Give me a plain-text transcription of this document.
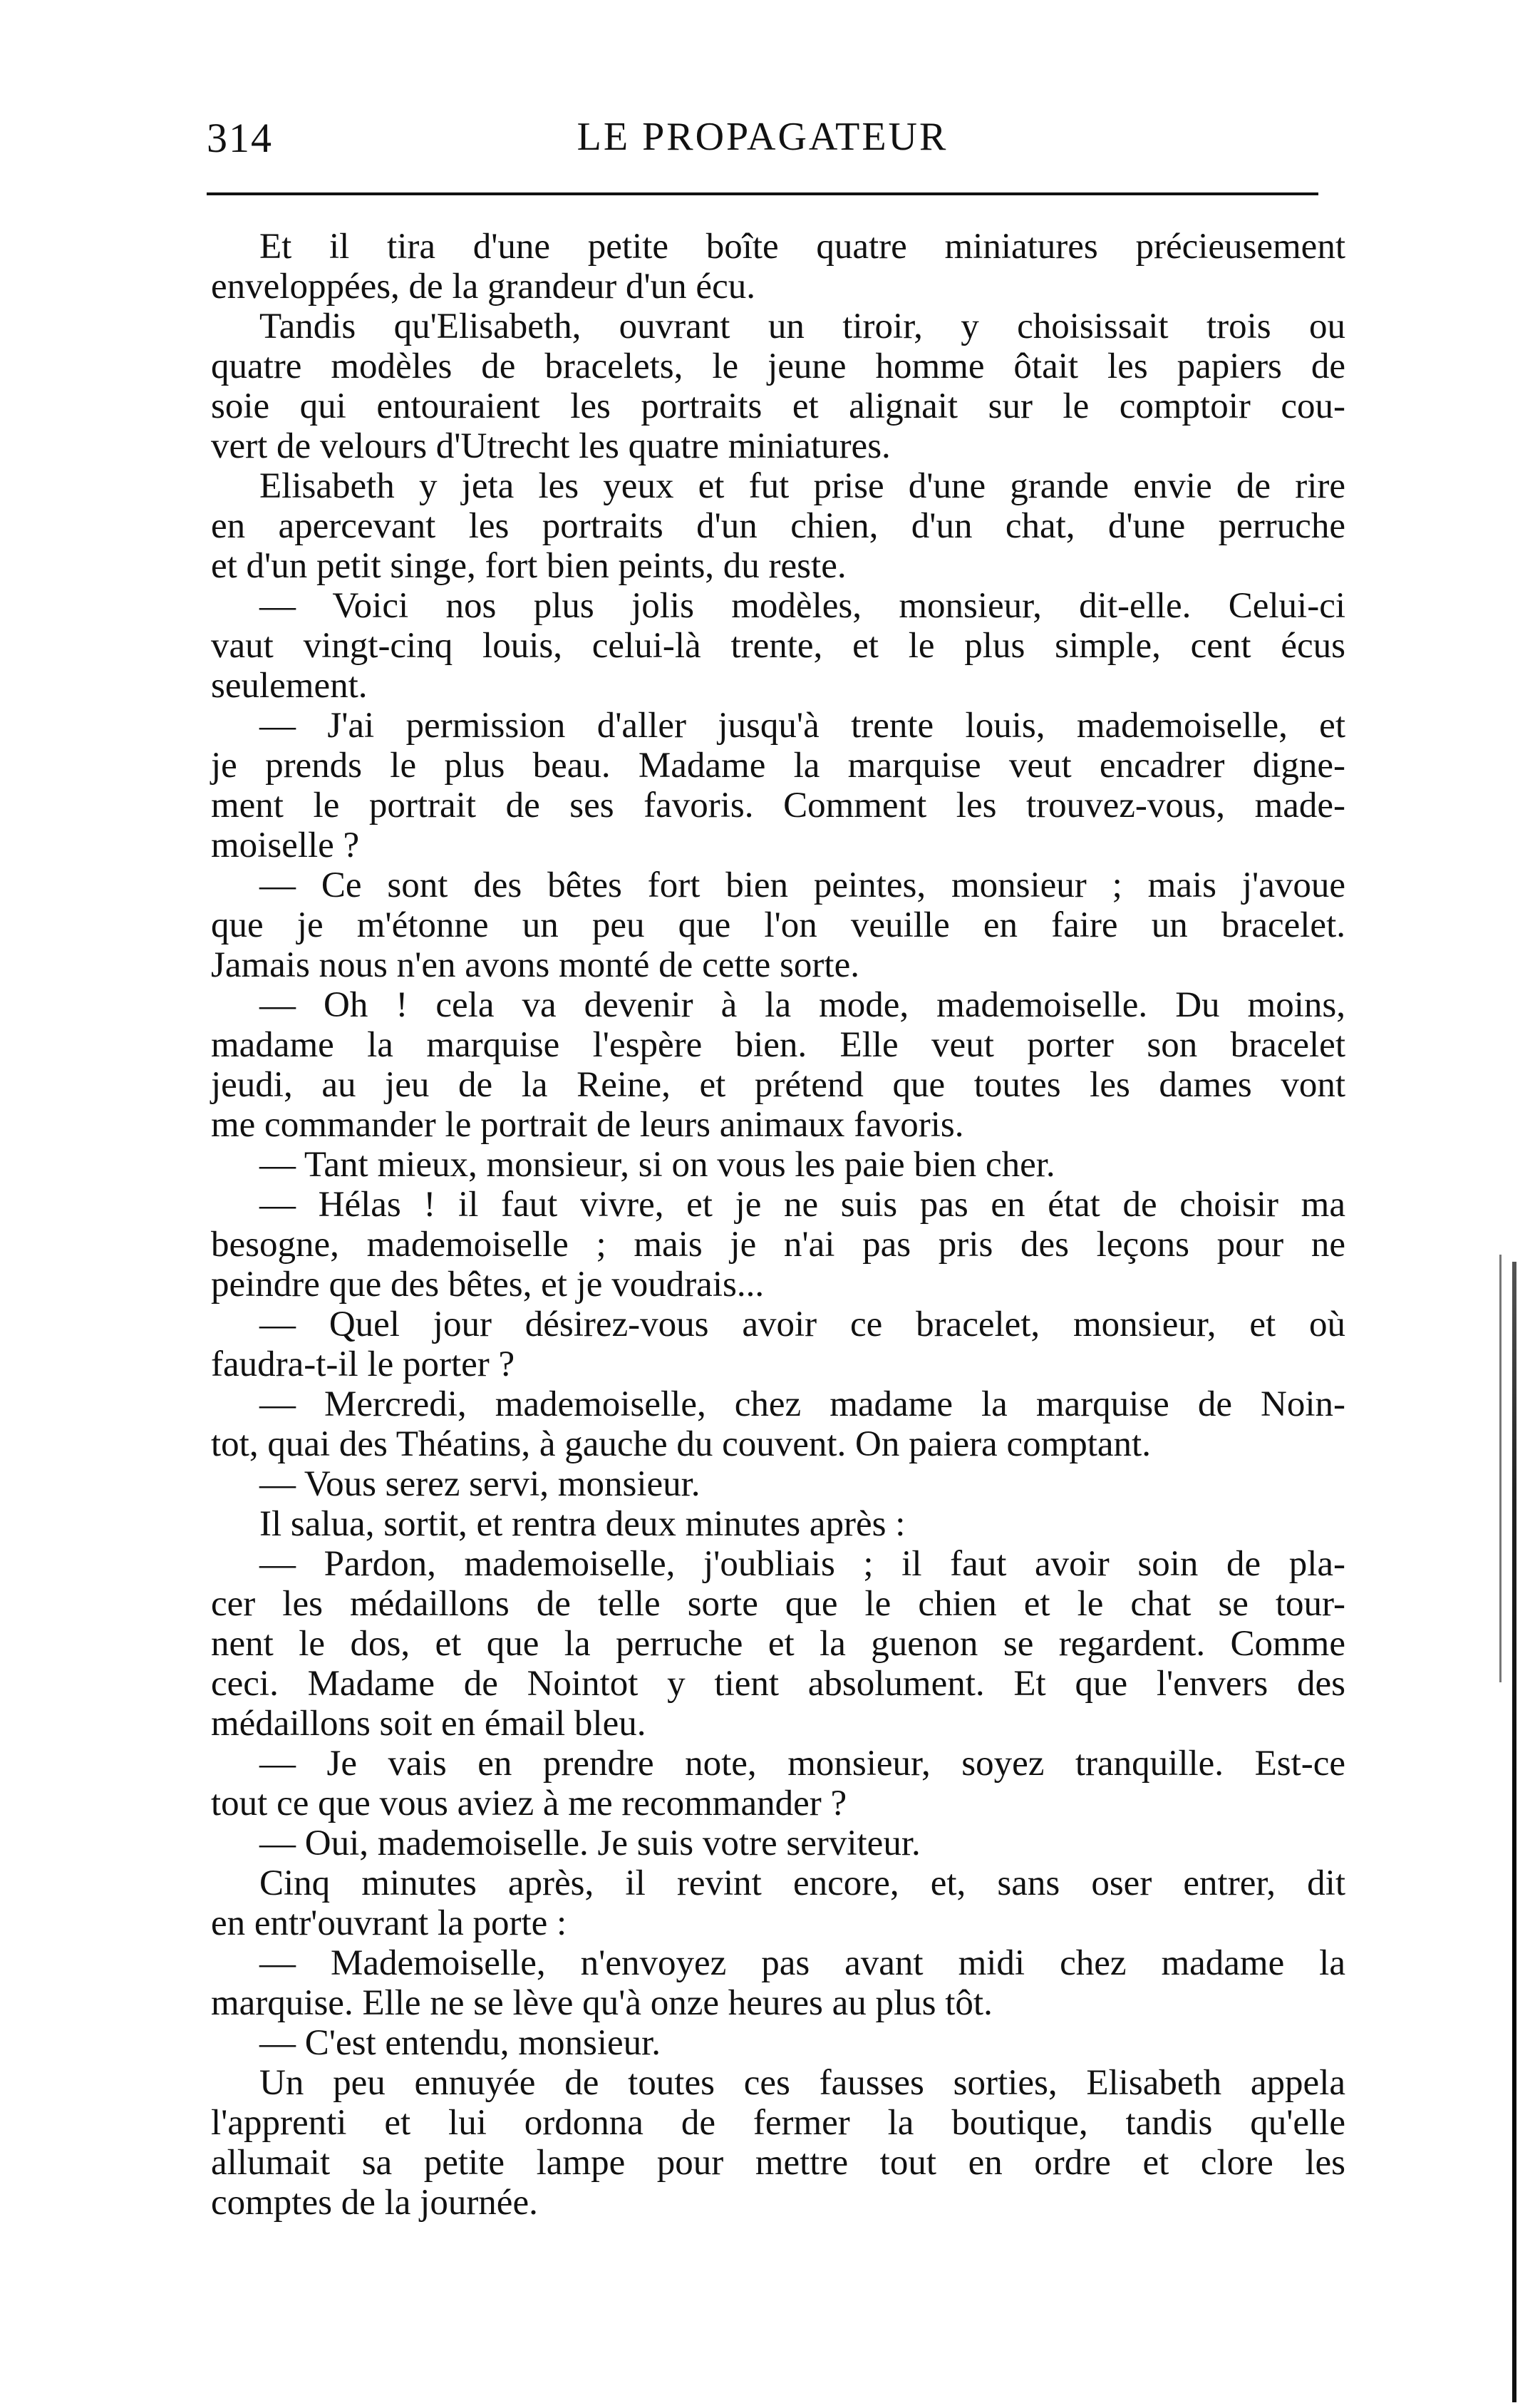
314	LE PROPAGATEUR
Et il tira d'une petite boîte quatre miniatures précieusement
enveloppées, de la grandeur d'un écu.
Tandis qu'Elisabeth, ouvrant un tiroir, y choisissait trois ou
quatre modèles de bracelets, le jeune homme ôtait les papiers de
soie qui entouraient les portraits et alignait sur le comptoir cou-
vert de velours d'Utrecht les quatre miniatures.
Elisabeth y jeta les yeux et fut prise d'une grande envie de rire
en apercevant les portraits d'un chien, d'un chat, d'une perruche
et d'un petit singe, fort bien peints, du reste.
— Voici nos plus jolis modèles, monsieur, dit-elle. Celui-ci
vaut vingt-cinq louis, celui-là trente, et le plus simple, cent écus
seulement.
— J'ai permission d'aller jusqu'à trente louis, mademoiselle, et
je prends le plus beau. Madame la marquise veut encadrer digne-
ment le portrait de ses favoris. Comment les trouvez-vous, made-
moiselle ?
— Ce sont des bêtes fort bien peintes, monsieur ; mais j'avoue
que je m'étonne un peu que l'on veuille en faire un bracelet.
Jamais nous n'en avons monté de cette sorte.
— Oh ! cela va devenir à la mode, mademoiselle. Du moins,
madame la marquise l'espère bien. Elle veut porter son bracelet
jeudi, au jeu de la Reine, et prétend que toutes les dames vont
me commander le portrait de leurs animaux favoris.
— Tant mieux, monsieur, si on vous les paie bien cher.
— Hélas ! il faut vivre, et je ne suis pas en état de choisir ma
besogne, mademoiselle ; mais je n'ai pas pris des leçons pour ne
peindre que des bêtes, et je voudrais...
— Quel jour désirez-vous avoir ce bracelet, monsieur, et où
faudra-t-il le porter ?
— Mercredi, mademoiselle, chez madame la marquise de Noin-
tot, quai des Théatins, à gauche du couvent. On paiera comptant.
— Vous serez servi, monsieur.
Il salua, sortit, et rentra deux minutes après :
— Pardon, mademoiselle, j'oubliais ; il faut avoir soin de pla-
cer les médaillons de telle sorte que le chien et le chat se tour-
nent le dos, et que la perruche et la guenon se regardent. Comme
ceci. Madame de Nointot y tient absolument. Et que l'envers des
médaillons soit en émail bleu.
— Je vais en prendre note, monsieur, soyez tranquille. Est-ce
tout ce que vous aviez à me recommander ?
— Oui, mademoiselle. Je suis votre serviteur.
Cinq minutes après, il revint encore, et, sans oser entrer, dit
en entr'ouvrant la porte :
— Mademoiselle, n'envoyez pas avant midi chez madame la
marquise. Elle ne se lève qu'à onze heures au plus tôt.
— C'est entendu, monsieur.
Un peu ennuyée de toutes ces fausses sorties, Elisabeth appela
l'apprenti et lui ordonna de fermer la boutique, tandis qu'elle
allumait sa petite lampe pour mettre tout en ordre et clore les
comptes de la journée.
